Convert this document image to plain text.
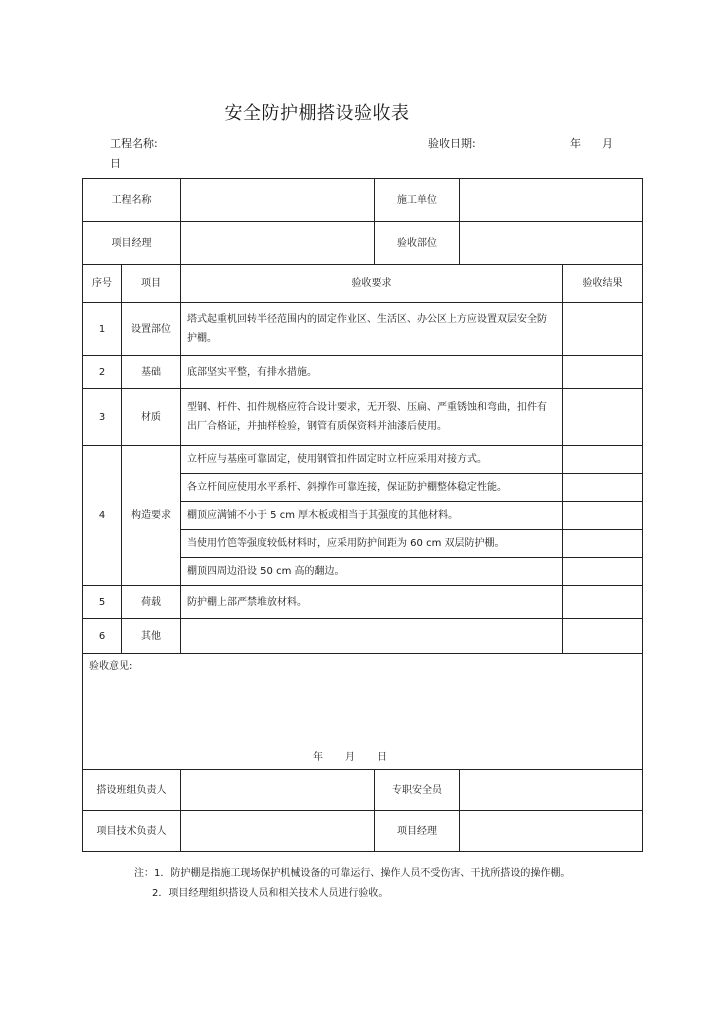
安全防护棚搭设验收表
工程名称:	验收日期:	年 月
日
工程名称			施工单位		
项目经理			验收部位		
序号	项目	验收要求			验收结果
1	设置部位	塔式起重机回转半径范围内的固定作业区、生活区、办公区上方应设置双层安全防护棚。			
2	基础	底部坚实平整，有排水措施。			
3	材质	型钢、杆件、扣件规格应符合设计要求，无开裂、压扁、严重锈蚀和弯曲，扣件有出厂合格证，并抽样检验，钢管有质保资料并油漆后使用。			
4	构造要求	立杆应与基座可靠固定，使用钢管扣件固定时立杆应采用对接方式。			
		各立杆间应使用水平系杆、斜撑作可靠连接，保证防护棚整体稳定性能。			
		棚顶应满铺不小于 5 cm 厚木板或相当于其强度的其他材料。			
		当使用竹笆等强度较低材料时，应采用防护间距为 60 cm 双层防护棚。			
		棚顶四周边沿设 50 cm 高的翻边。			
5	荷载	防护棚上部严禁堆放材料。			
6	其他				
验收意见:
年 月 日					

搭设班组负责人			专职安全员		
项目技术负责人			项目经理		
注：1．防护棚是指施工现场保护机械设备的可靠运行、操作人员不受伤害、干扰所搭设的操作棚。
2．项目经理组织搭设人员和相关技术人员进行验收。
